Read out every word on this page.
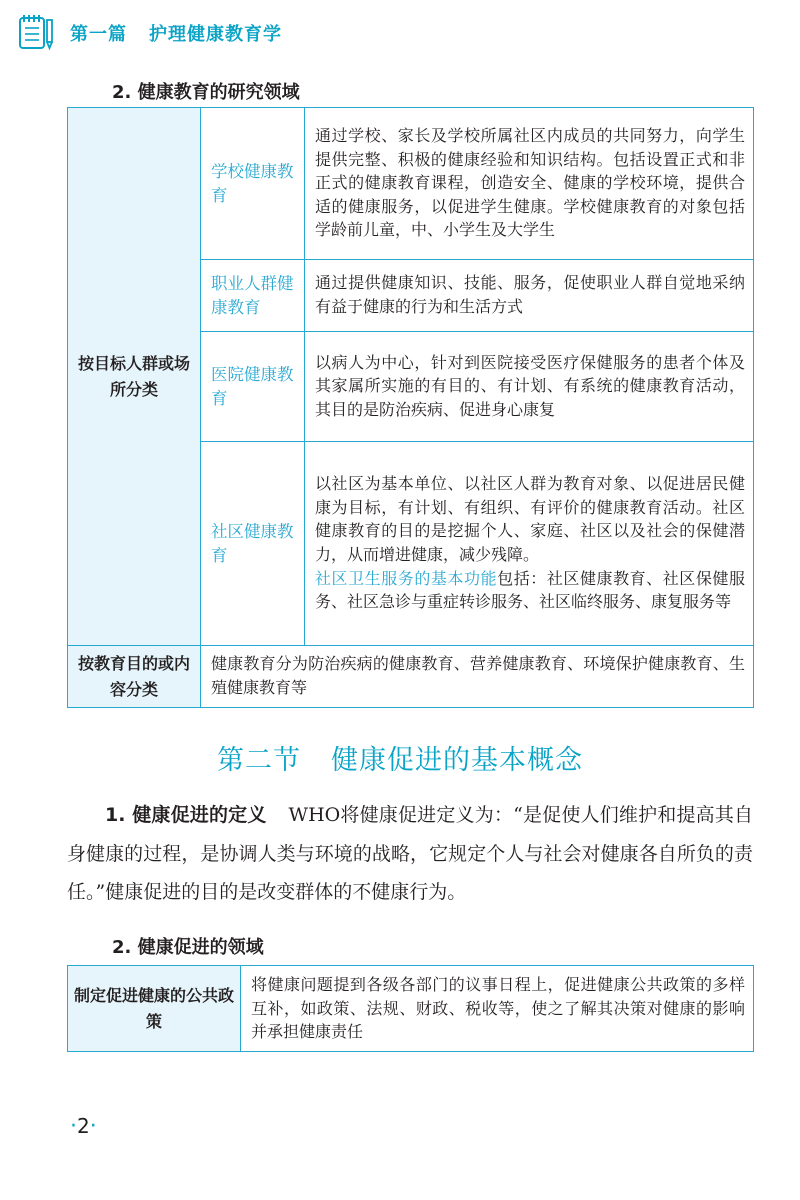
第一篇 护理健康教育学
2. 健康教育的研究领域
按目标人群或场所分类	学校健康教育	通过学校、家长及学校所属社区内成员的共同努力，向学生提供完整、积极的健康经验和知识结构。包括设置正式和非正式的健康教育课程，创造安全、健康的学校环境，提供合适的健康服务，以促进学生健康。学校健康教育的对象包括学龄前儿童，中、小学生及大学生
	职业人群健康教育	通过提供健康知识、技能、服务，促使职业人群自觉地采纳有益于健康的行为和生活方式
	医院健康教育	以病人为中心，针对到医院接受医疗保健服务的患者个体及其家属所实施的有目的、有计划、有系统的健康教育活动，其目的是防治疾病、促进身心康复
	社区健康教育	以社区为基本单位、以社区人群为教育对象、以促进居民健康为目标，有计划、有组织、有评价的健康教育活动。社区健康教育的目的是挖掘个人、家庭、社区以及社会的保健潜力，从而增进健康，减少残障。
社区卫生服务的基本功能包括：社区健康教育、社区保健服务、社区急诊与重症转诊服务、社区临终服务、康复服务等
按教育目的或内容分类	健康教育分为防治疾病的健康教育、营养健康教育、环境保护健康教育、生殖健康教育等	
第二节 健康促进的基本概念
1. 健康促进的定义 WHO将健康促进定义为：“是促使人们维护和提高其自身健康的过程，是协调人类与环境的战略，它规定个人与社会对健康各自所负的责任。”健康促进的目的是改变群体的不健康行为。
2. 健康促进的领域
制定促进健康的公共政策	将健康问题提到各级各部门的议事日程上，促进健康公共政策的多样互补，如政策、法规、财政、税收等，使之了解其决策对健康的影响并承担健康责任
·2·
